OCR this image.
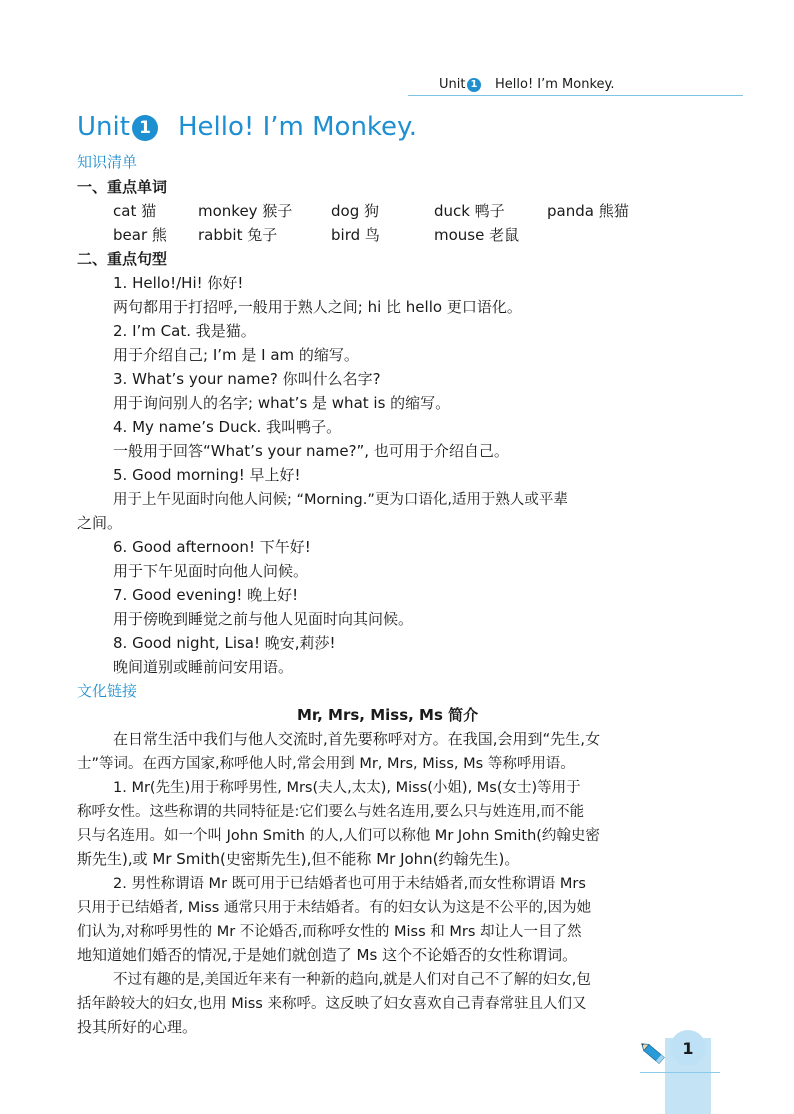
Unit 1 Hello! I’m Monkey.
Unit 1 Hello! I’m Monkey.
知识清单
一、重点单词
cat 猫	monkey 猴子	dog 狗	duck 鸭子	panda 熊猫
bear 熊 rabbit 兔子	bird 鸟	mouse 老鼠
二、重点句型
1. Hello!/Hi! 你好!
两句都用于打招呼,一般用于熟人之间; hi 比 hello 更口语化。
2. I’m Cat. 我是猫。
用于介绍自己; I’m 是 I am 的缩写。
3. What’s your name? 你叫什么名字?
用于询问别人的名字; what’s 是 what is 的缩写。
4. My name’s Duck. 我叫鸭子。
一般用于回答“What’s your name?”, 也可用于介绍自己。
5. Good morning! 早上好!
用于上午见面时向他人问候; “Morning.”更为口语化,适用于熟人或平辈
之间。
6. Good afternoon! 下午好!
用于下午见面时向他人问候。
7. Good evening! 晚上好!
用于傍晚到睡觉之前与他人见面时向其问候。
8. Good night, Lisa! 晚安,莉莎!
晚间道别或睡前问安用语。
文化链接
Mr, Mrs, Miss, Ms 简介
在日常生活中我们与他人交流时,首先要称呼对方。在我国,会用到“先生,女
士”等词。在西方国家,称呼他人时,常会用到 Mr, Mrs, Miss, Ms 等称呼用语。
1. Mr(先生)用于称呼男性, Mrs(夫人,太太), Miss(小姐), Ms(女士)等用于
称呼女性。这些称谓的共同特征是:它们要么与姓名连用,要么只与姓连用,而不能
只与名连用。如一个叫 John Smith 的人,人们可以称他 Mr John Smith(约翰史密
斯先生),或 Mr Smith(史密斯先生),但不能称 Mr John(约翰先生)。
2. 男性称谓语 Mr 既可用于已结婚者也可用于未结婚者,而女性称谓语 Mrs
只用于已结婚者, Miss 通常只用于未结婚者。有的妇女认为这是不公平的,因为她
们认为,对称呼男性的 Mr 不论婚否,而称呼女性的 Miss 和 Mrs 却让人一目了然
地知道她们婚否的情况,于是她们就创造了 Ms 这个不论婚否的女性称谓词。
不过有趣的是,美国近年来有一种新的趋向,就是人们对自己不了解的妇女,包
括年龄较大的妇女,也用 Miss 来称呼。这反映了妇女喜欢自己青春常驻且人们又
投其所好的心理。
1
